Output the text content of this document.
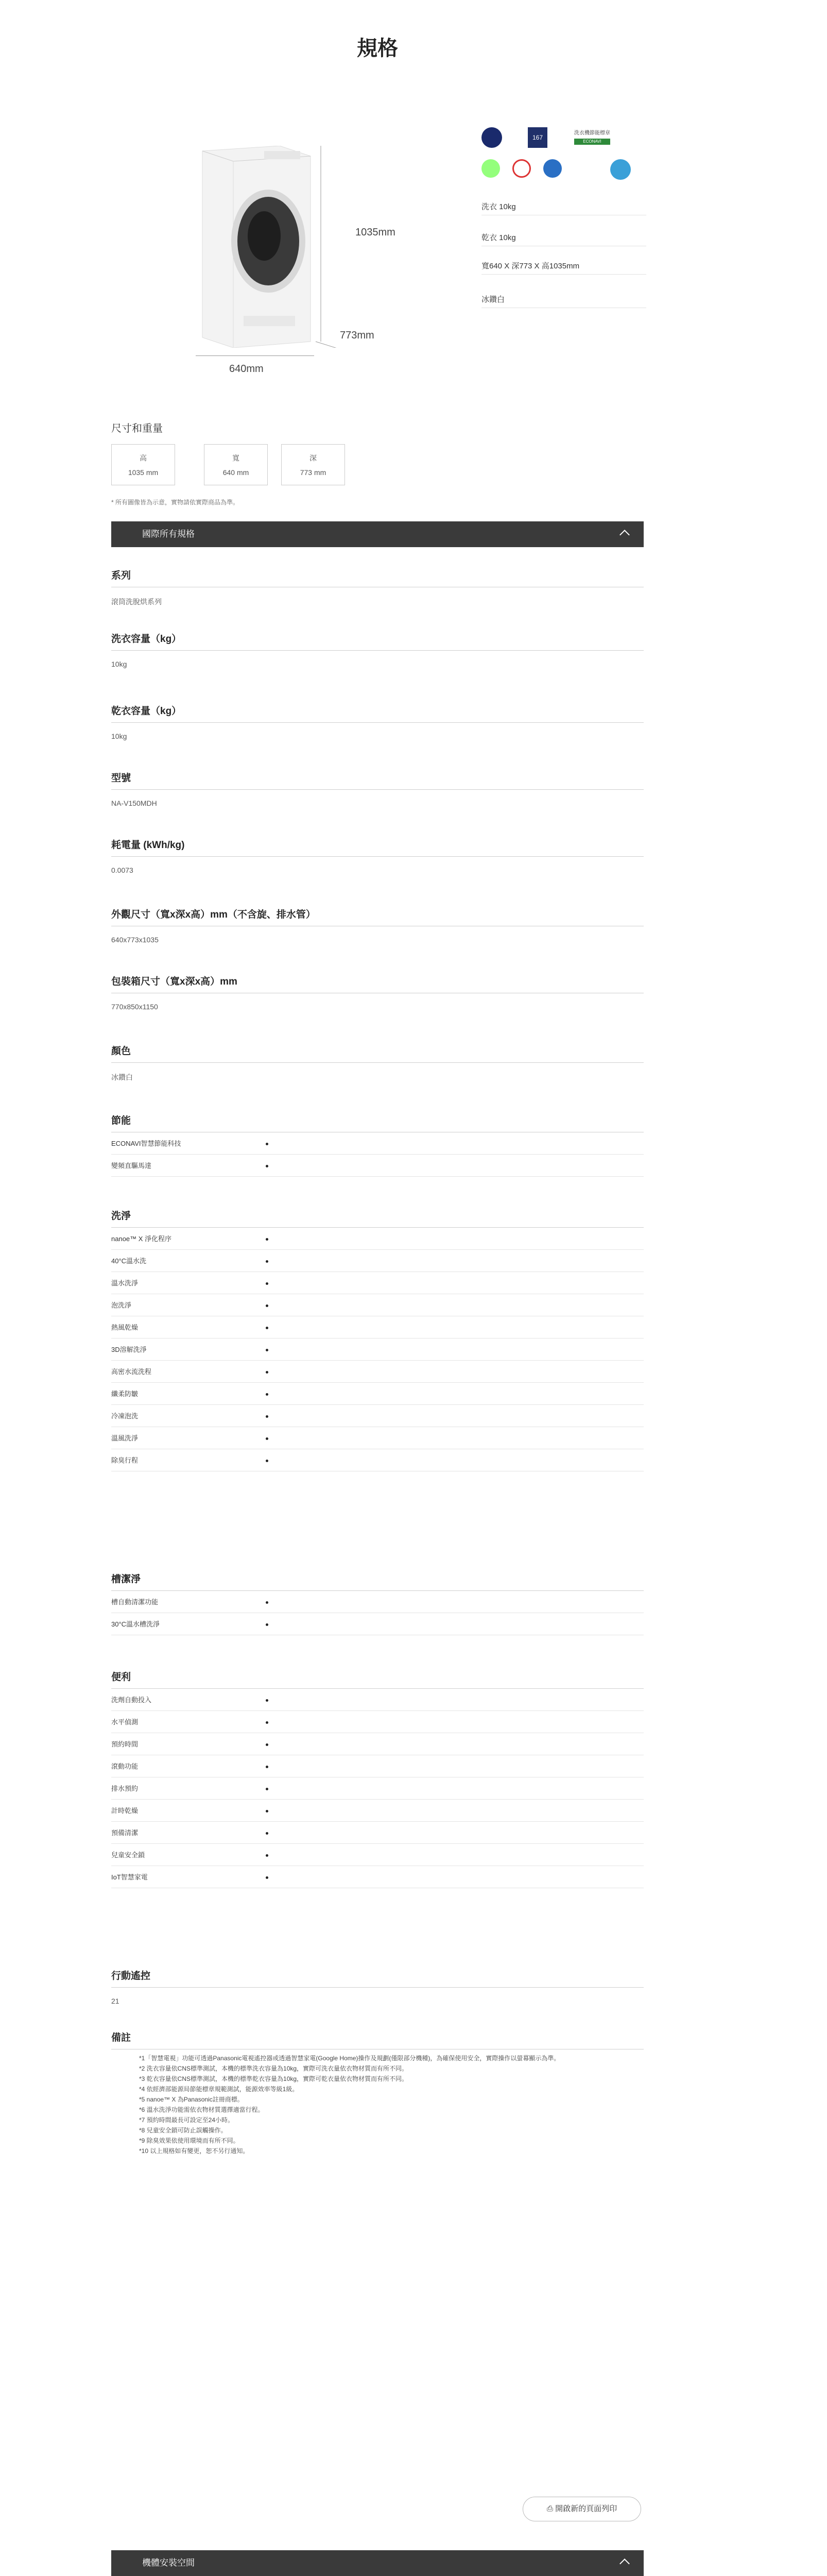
規格
1035mm
773mm
640mm
167
洗衣機節能標章
ECONAVI
洗衣 10kg
乾衣 10kg
寬640 X 深773 X 高1035mm
冰鑽白
尺寸和重量
高
1035 mm
寬
640 mm
深
773 mm
* 所有圖像皆為示意，實物請依實際商品為準。
國際所有規格
系列
滾筒洗脫烘系列
洗衣容量（kg）
10kg
乾衣容量（kg）
10kg
型號
NA-V150MDH
耗電量 (kWh/kg)
0.0073
外觀尺寸（寬x深x高）mm（不含旋、排水管）
640x773x1035
包裝箱尺寸（寬x深x高）mm
770x850x1150
顏色
冰鑽白
節能
ECONAVI智慧節能科技
變頻直驅馬達
洗淨
nanoe™ X 淨化程序
40°C溫水洗
溫水洗淨
泡洗淨
熱風乾燥
3D溶解洗淨
高密水流洗程
纖柔防皺
冷凍泡洗
溫風洗淨
除臭行程
槽潔淨
槽自動清潔功能
30°C溫水槽洗淨
便利
洗劑自動投入
水平偵測
預約時間
滾動功能
排水預約
計時乾燥
預備清潔
兒童安全鎖
IoT智慧家電
行動遙控
21
備註

*1「智慧電視」功能可透過Panasonic電視遙控器或透過智慧家電(Google Home)操作及規劃(僅限部分機種)，為確保使用安全，實際操作以螢幕顯示為準。

*2 洗衣容量依CNS標準測試，本機的標準洗衣容量為10kg，實際可洗衣量依衣物材質而有所不同。

*3 乾衣容量依CNS標準測試，本機的標準乾衣容量為10kg，實際可乾衣量依衣物材質而有所不同。

*4 依經濟部能源局節能標章規範測試，能源效率等級1級。

*5 nanoe™ X 為Panasonic註冊商標。

*6 溫水洗淨功能需依衣物材質選擇適當行程。

*7 預約時間最長可設定至24小時。

*8 兒童安全鎖可防止誤觸操作。

*9 除臭效果依使用環境而有所不同。

*10 以上規格如有變更，恕不另行通知。

⎙ 開啟新的頁面列印
機體安裝空間
